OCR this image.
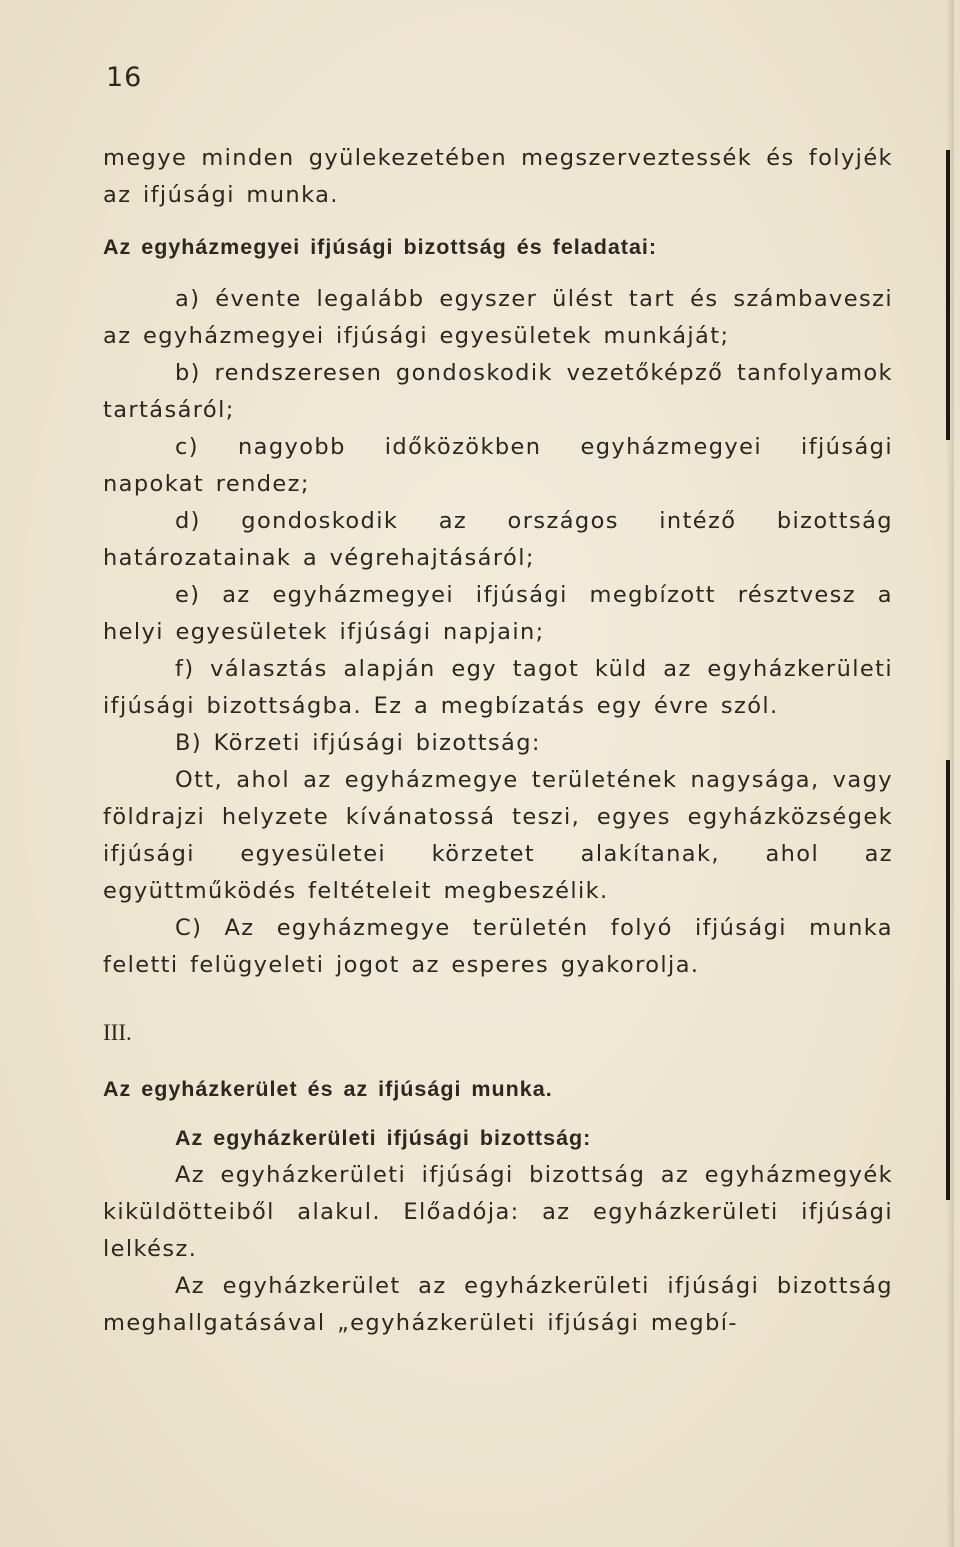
16

megye minden gyülekezetében megszerveztessék és folyjék az ifjúsági munka.

Az egyházmegyei ifjúsági bizottság és feladatai:

a) évente legalább egyszer ülést tart és számbaveszi az egyházmegyei ifjúsági egyesületek munkáját;

b) rendszeresen gondoskodik vezetőképző tanfolyamok tartásáról;

c) nagyobb időközökben egyházmegyei ifjúsági napokat rendez;

d) gondoskodik az országos intéző bizottság határozatainak a végrehajtásáról;

e) az egyházmegyei ifjúsági megbízott résztvesz a helyi egyesületek ifjúsági napjain;

f) választás alapján egy tagot küld az egyházkerületi ifjúsági bizottságba. Ez a megbízatás egy évre szól.

B) Körzeti ifjúsági bizottság:

Ott, ahol az egyházmegye területének nagysága, vagy földrajzi helyzete kívánatossá teszi, egyes egyházközségek ifjúsági egyesületei körzetet alakítanak, ahol az együttműködés feltételeit megbeszélik.

C) Az egyházmegye területén folyó ifjúsági munka feletti felügyeleti jogot az esperes gyakorolja.

III.

Az egyházkerület és az ifjúsági munka.

Az egyházkerületi ifjúsági bizottság:

Az egyházkerületi ifjúsági bizottság az egyházmegyék kiküldötteiből alakul. Előadója: az egyházkerületi ifjúsági lelkész.

Az egyházkerület az egyházkerületi ifjúsági bizottság meghallgatásával „egyházkerületi ifjúsági megbí-
